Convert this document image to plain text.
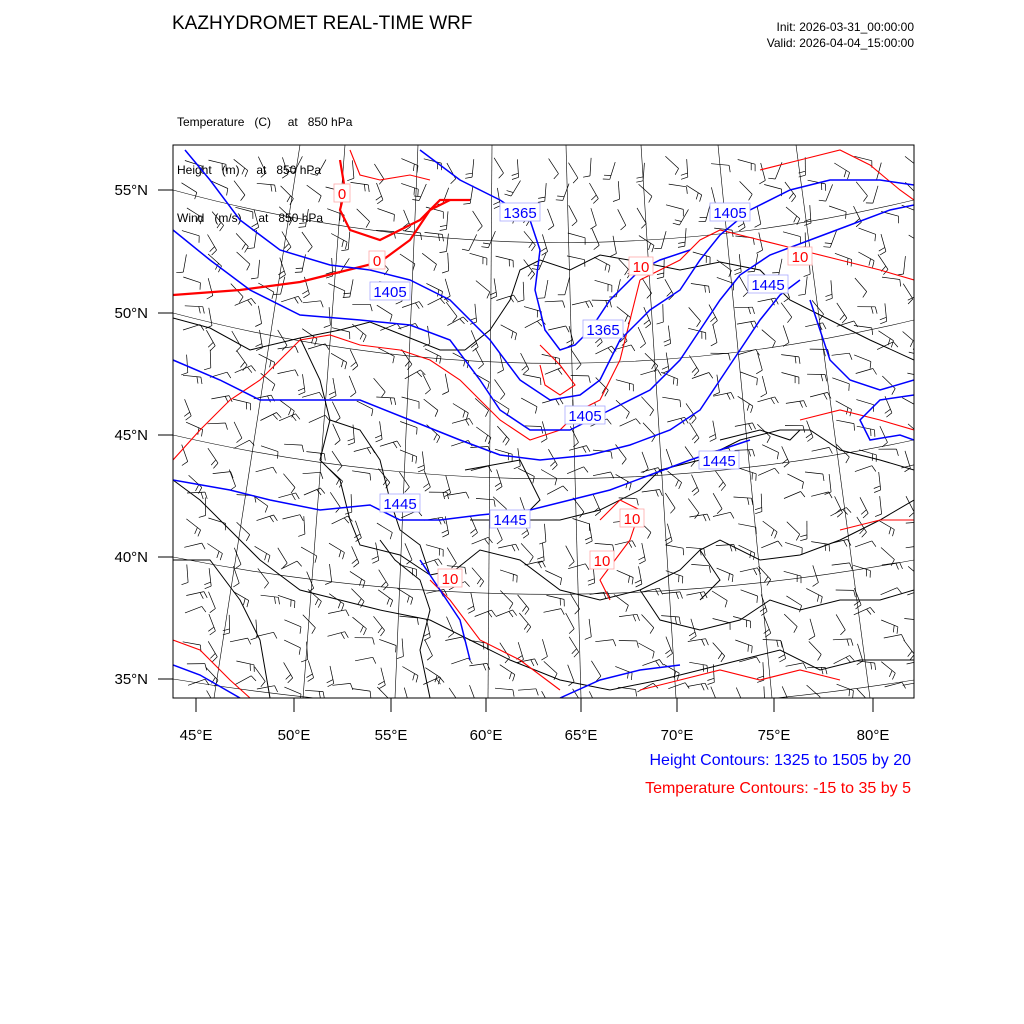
KAZHYDROMET REAL-TIME WRF	Init: 2026-03-31_00:00:00
Valid: 2026-04-04_15:00:00

Temperature   (C)     at   850 hPa

Height   (m)     at   850 hPa

Wind   (m/s)     at   850 hPa	1365
1405
1405
1445
1365
1405
1445
1445
1445
0
0	10
10
10
10
10
55°N
50°N
45°N
40°N
35°N
45°E	50°E	55°E	60°E	65°E	70°E	75°E	80°E
Height Contours: 1325 to 1505 by 20
Temperature Contours: -15 to 35 by 5
